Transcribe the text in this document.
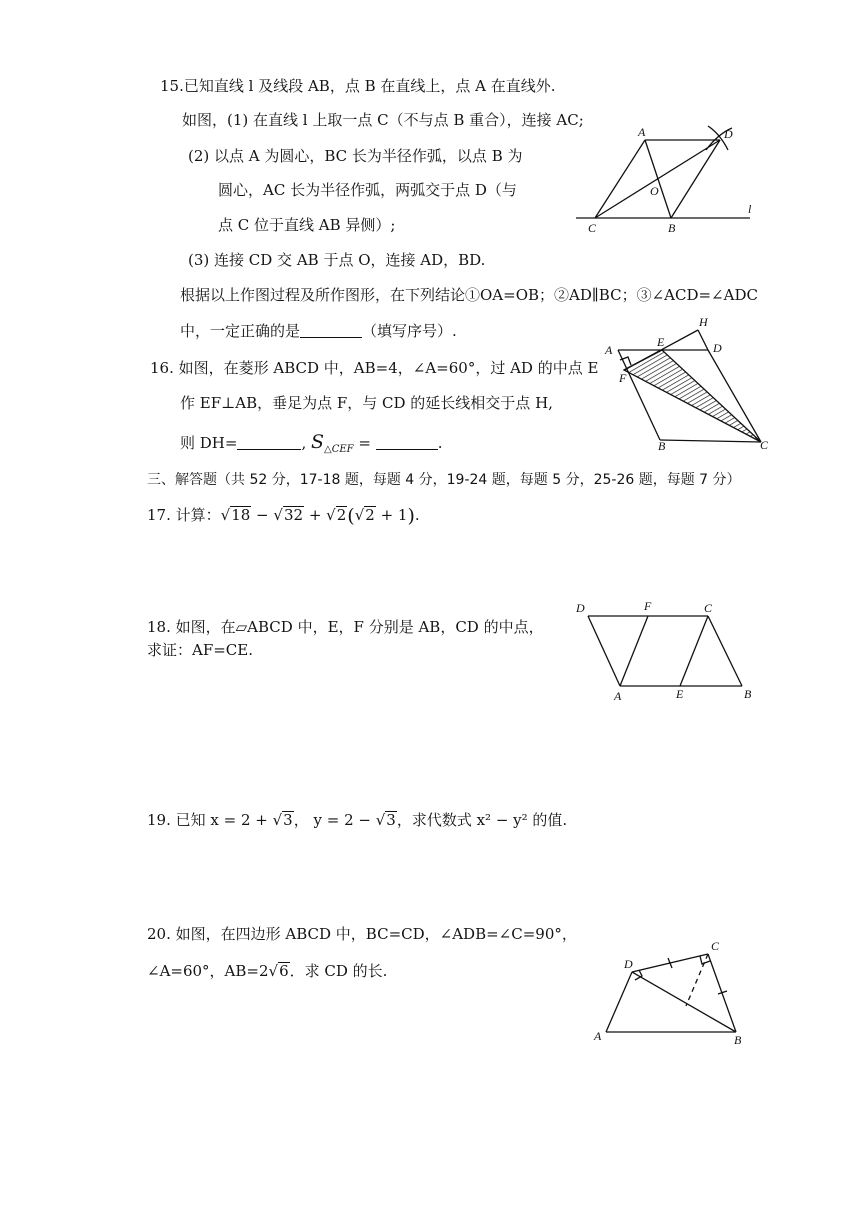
15.已知直线 l 及线段 AB，点 B 在直线上，点 A 在直线外.
如图，(1) 在直线 l 上取一点 C（不与点 B 重合），连接 AC;
(2) 以点 A 为圆心，BC 长为半径作弧，以点 B 为
圆心，AC 长为半径作弧，两弧交于点 D（与
点 C 位于直线 AB 异侧）;
(3) 连接 CD 交 AB 于点 O，连接 AD，BD.
根据以上作图过程及所作图形，在下列结论①OA=OB；②AD∥BC；③∠ACD=∠ADC
中，一定正确的是	（填写序号）.
A	D
O
C	B
l
16. 如图，在菱形 ABCD 中，AB=4，∠A=60°，过 AD 的中点 E
作 EF⊥AB，垂足为点 F，与 CD 的延长线相交于点 H,
则 DH=	, $S_{\triangle CEF}$ =	.
A
E
H
D
F
B	C
三、解答题（共 52 分，17-18 题，每题 4 分，19-24 题，每题 5 分，25-26 题，每题 7 分）
17. 计算：√18 − √32 + √2(√2 + 1).
18. 如图，在▱ABCD 中，E，F 分别是 AB，CD 的中点，
求证：AF=CE.
D	F	C
A	E	B
19. 已知 x = 2 + √3， y = 2 − √3，求代数式 x² − y² 的值.
20. 如图，在四边形 ABCD 中，BC=CD，∠ADB=∠C=90°，
∠A=60°，AB=2√6．求 CD 的长.	D
C
A	B
